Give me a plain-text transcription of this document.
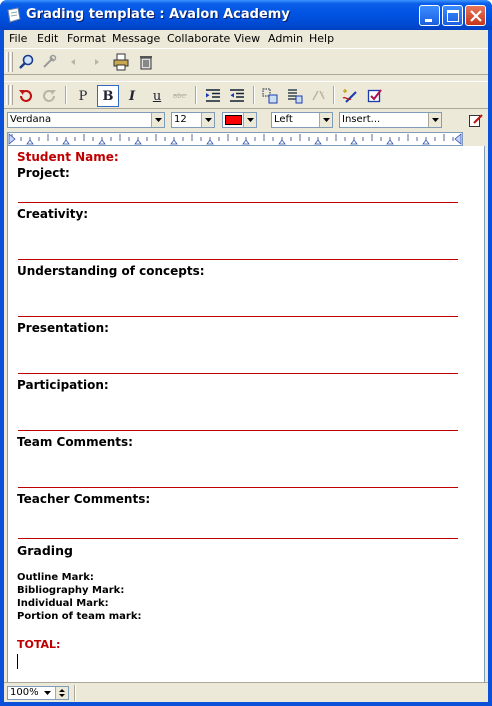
Grading template : Avalon Academy
File Edit Format Message Collaborate View Admin Help
P B I u abc	c
Verdana	12	Left	Insert...
Student Name:
Project:
Creativity:
Understanding of concepts:
Presentation:
Participation:
Team Comments:
Teacher Comments:
Grading
Outline Mark:
Bibliography Mark:
Individual Mark:
Portion of team mark:
TOTAL:
100%
